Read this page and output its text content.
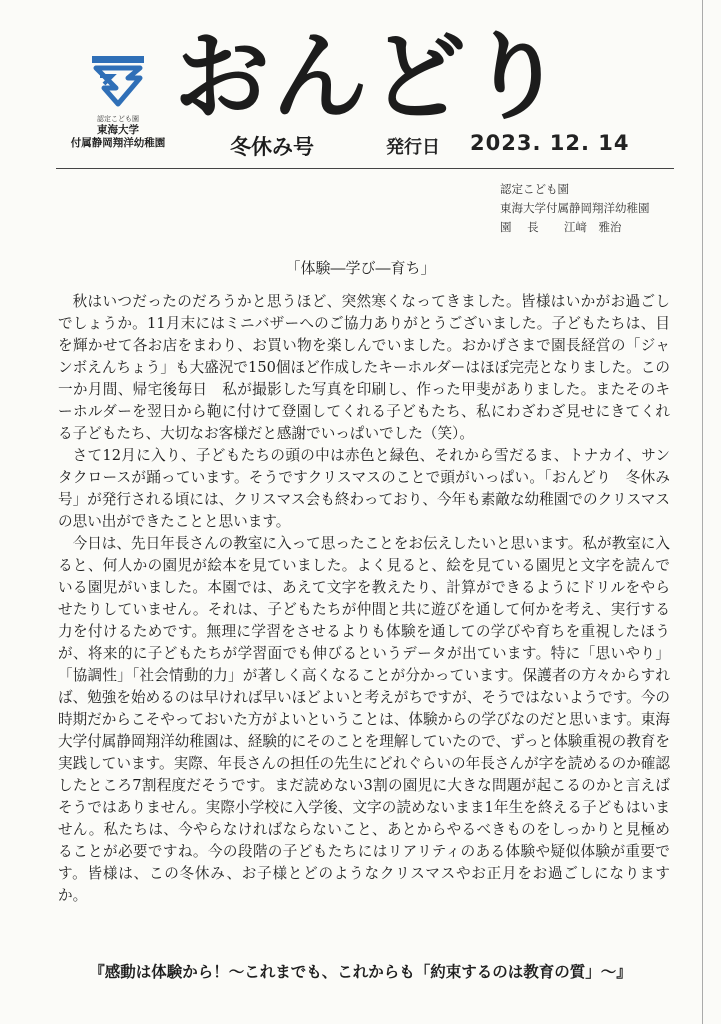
認定こども園
東海大学
付属静岡翔洋幼稚園
おんどり
冬休み号	発行日 2023. 12. 14
認定こども園
東海大学付属静岡翔洋幼稚園
園 長	江﨑　雅治
「体験―学び―育ち」

秋はいつだったのだろうかと思うほど、突然寒くなってきました。皆様はいかがお過ごしでしょうか。11月末にはミニバザーへのご協力ありがとうございました。子どもたちは、目を輝かせて各お店をまわり、お買い物を楽しんでいました。おかげさまで園長経営の「ジャンボえんちょう」も大盛況で150個ほど作成したキーホルダーはほぼ完売となりました。この一か月間、帰宅後毎日　私が撮影した写真を印刷し、作った甲斐がありました。またそのキーホルダーを翌日から鞄に付けて登園してくれる子どもたち、私にわざわざ見せにきてくれる子どもたち、大切なお客様だと感謝でいっぱいでした（笑）。

さて12月に入り、子どもたちの頭の中は赤色と緑色、それから雪だるま、トナカイ、サンタクロースが踊っています。そうですクリスマスのことで頭がいっぱい。「おんどり　冬休み号」が発行される頃には、クリスマス会も終わっており、今年も素敵な幼稚園でのクリスマスの思い出ができたことと思います。

今日は、先日年長さんの教室に入って思ったことをお伝えしたいと思います。私が教室に入ると、何人かの園児が絵本を見ていました。よく見ると、絵を見ている園児と文字を読んでいる園児がいました。本園では、あえて文字を教えたり、計算ができるようにドリルをやらせたりしていません。それは、子どもたちが仲間と共に遊びを通して何かを考え、実行する力を付けるためです。無理に学習をさせるよりも体験を通しての学びや育ちを重視したほうが、将来的に子どもたちが学習面でも伸びるというデータが出ています。特に「思いやり」「協調性」「社会情動的力」が著しく高くなることが分かっています。保護者の方々からすれば、勉強を始めるのは早ければ早いほどよいと考えがちですが、そうではないようです。今の時期だからこそやっておいた方がよいということは、体験からの学びなのだと思います。東海大学付属静岡翔洋幼稚園は、経験的にそのことを理解していたので、ずっと体験重視の教育を実践しています。実際、年長さんの担任の先生にどれぐらいの年長さんが字を読めるのか確認したところ7割程度だそうです。まだ読めない3割の園児に大きな問題が起こるのかと言えばそうではありません。実際小学校に入学後、文字の読めないまま1年生を終える子どもはいません。私たちは、今やらなければならないこと、あとからやるべきものをしっかりと見極めることが必要ですね。今の段階の子どもたちにはリアリティのある体験や疑似体験が重要です。皆様は、この冬休み、お子様とどのようなクリスマスやお正月をお過ごしになりますか。

『感動は体験から！～これまでも、これからも「約束するのは教育の質」～』
